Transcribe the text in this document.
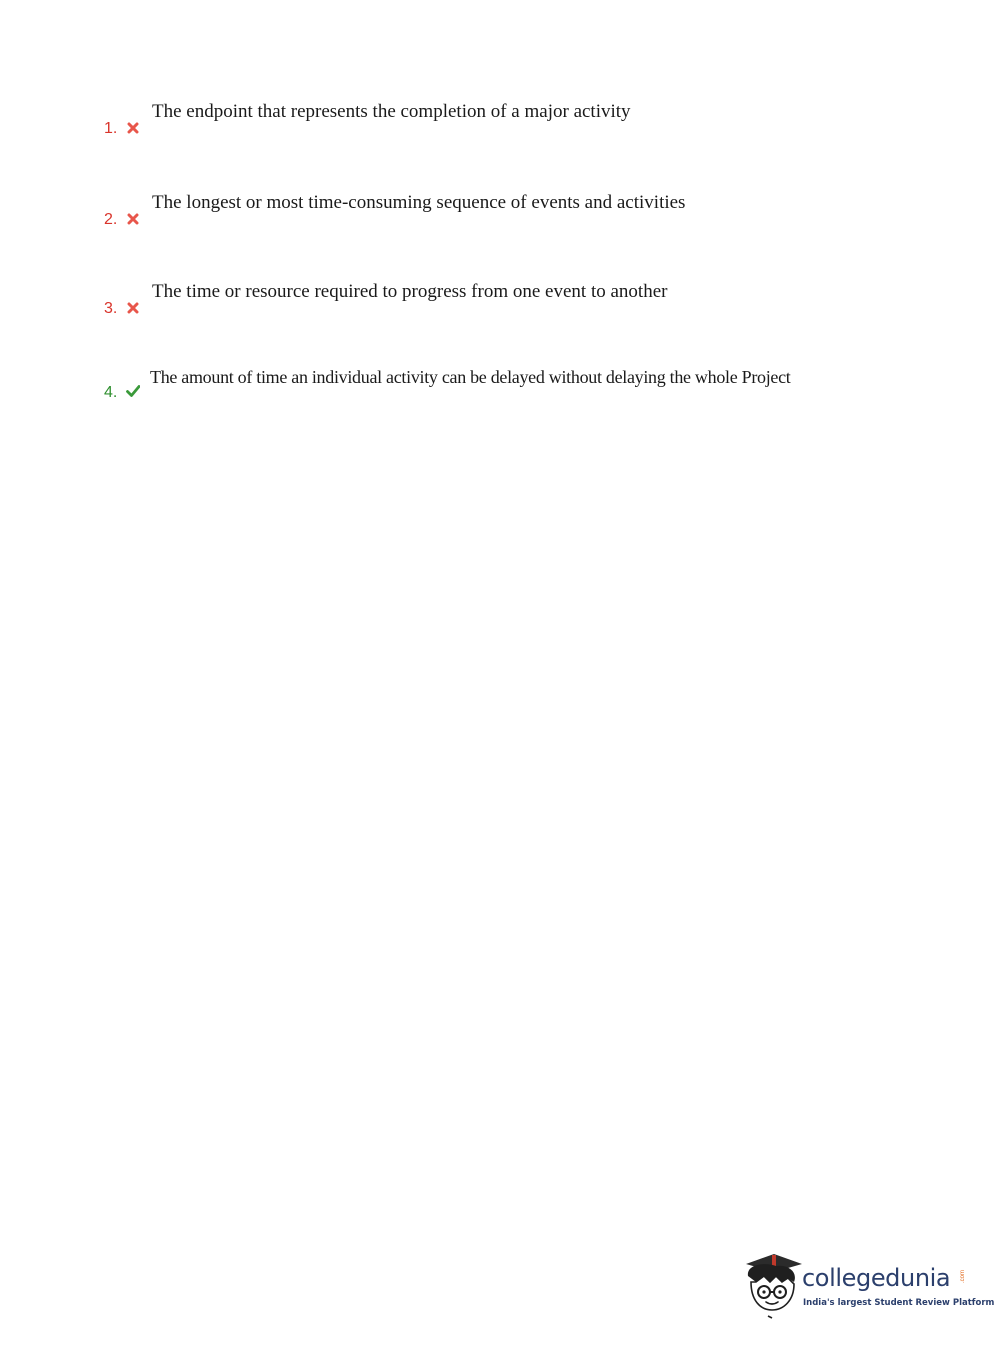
1.
The endpoint that represents the completion of a major activity
2.
The longest or most time-consuming sequence of events and activities
3.
The time or resource required to progress from one event to another
4.
The amount of time an individual activity can be delayed without delaying the whole Project
collegedunia .com
India's largest Student Review Platform
